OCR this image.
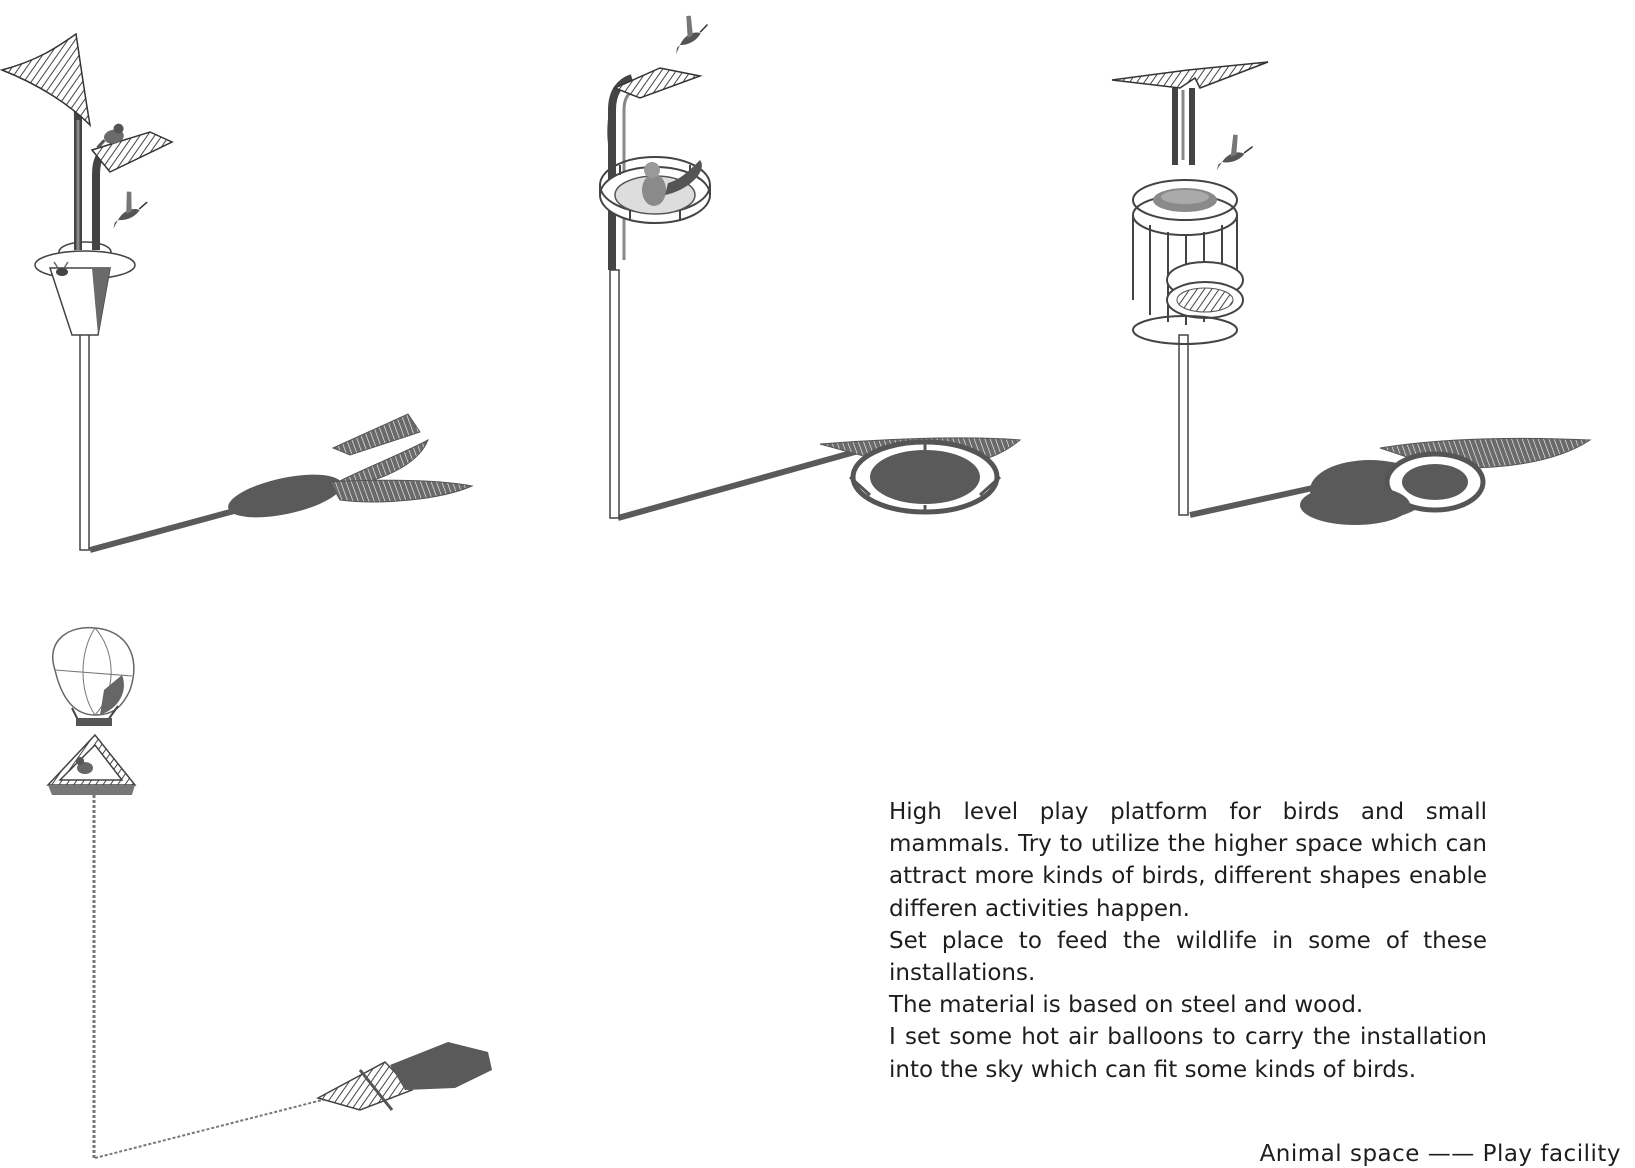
High level play platform for birds and small mammals. Try to utilize the higher space which can attract more kinds of birds, different shapes enable differen activities happen.
Set place to feed the wildlife in some of these installations.
The material is based on steel and wood.
I set some hot air balloons to carry the installation into the sky which can fit some kinds of birds.
Animal space —— Play facility
